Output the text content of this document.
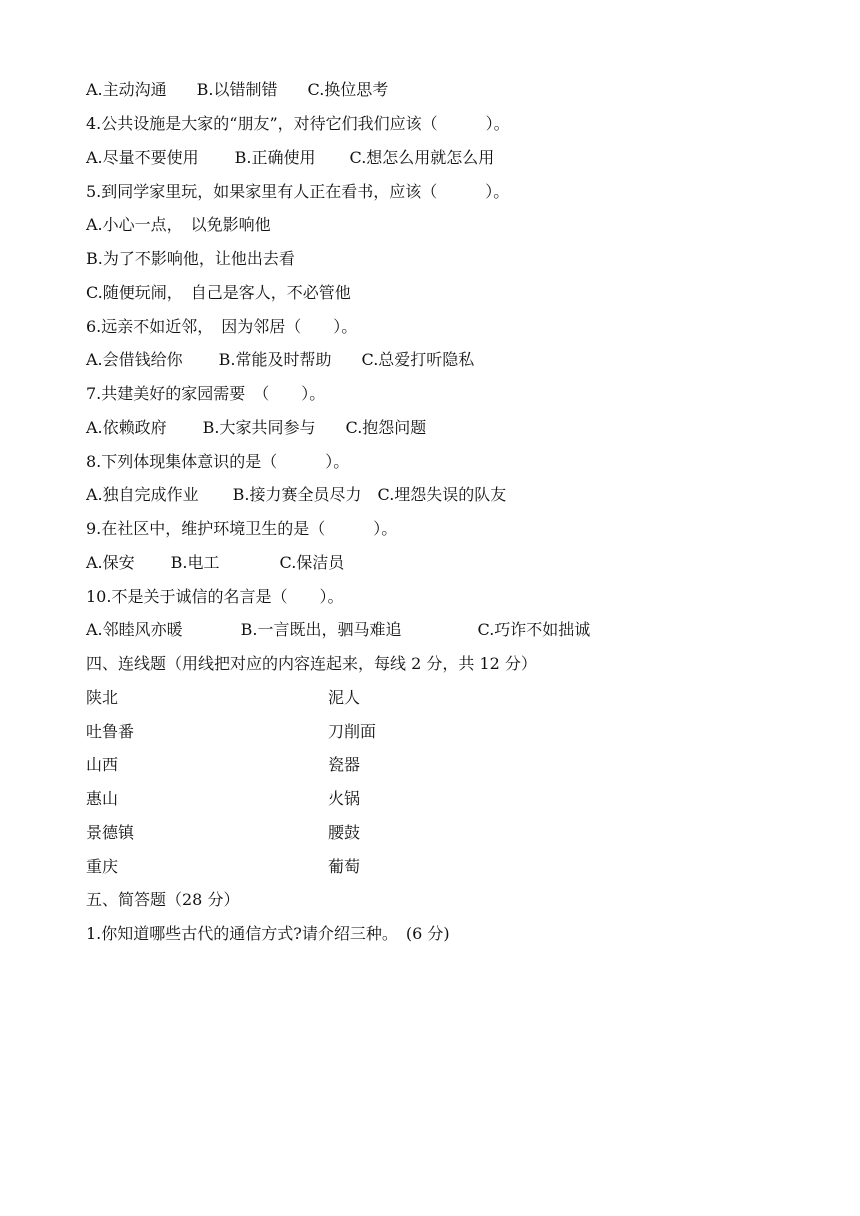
A.主动沟通 B.以错制错 C.换位思考
4.公共设施是大家的“朋友”，对待它们我们应该（　　　）。
A.尽量不要使用 B.正确使用 C.想怎么用就怎么用
5.到同学家里玩，如果家里有人正在看书，应该（　　　）。
A.小心一点，　以免影响他
B.为了不影响他，让他出去看
C.随便玩闹，　自己是客人，不必管他
6.远亲不如近邻，　因为邻居（　　）。
A.会借钱给你 B.常能及时帮助 C.总爱打听隐私
7.共建美好的家园需要　（　　）。
A.依赖政府 B.大家共同参与 C.抱怨问题
8.下列体现集体意识的是（　　　）。
A.独自完成作业 B.接力赛全员尽力 C.埋怨失误的队友
9.在社区中，维护环境卫生的是（　　　）。
A.保安 B.电工	C.保洁员
10.不是关于诚信的名言是（　　）。
A.邻睦风亦暖	B.一言既出，驷马难追	C.巧诈不如拙诚
四、连线题（用线把对应的内容连起来，每线 2 分，共 12 分）
陕北	泥人
吐鲁番	刀削面
山西	瓷器
惠山	火锅
景德镇	腰鼓
重庆	葡萄
五、简答题（28 分）
1.你知道哪些古代的通信方式?请介绍三种。　(6 分)
